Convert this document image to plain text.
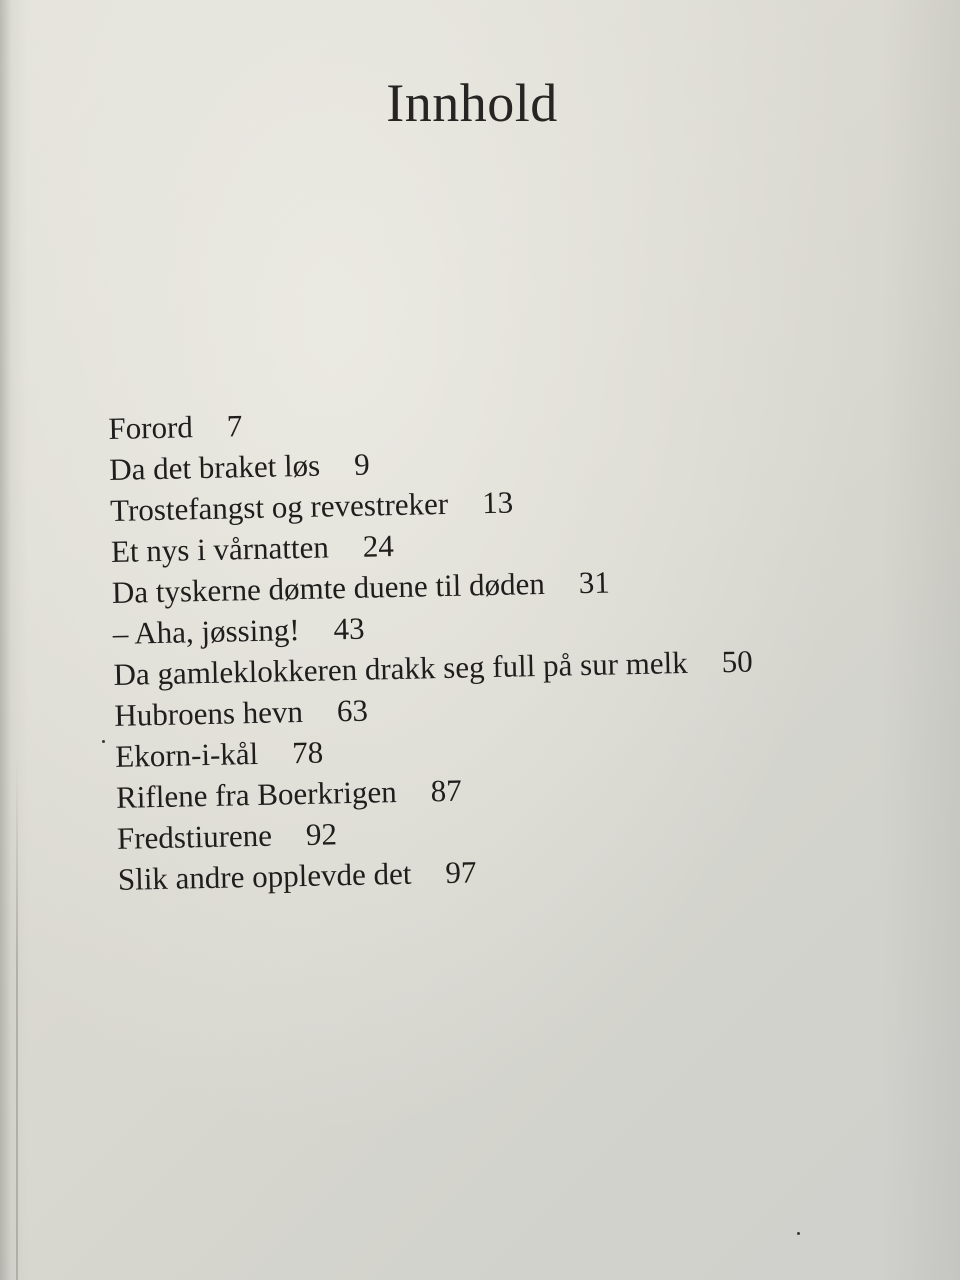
Innhold
Forord 7
Da det braket løs 9
Trostefangst og revestreker 13
Et nys i vårnatten 24
Da tyskerne dømte duene til døden 31
– Aha, jøssing! 43
Da gamleklokkeren drakk seg full på sur melk 50
Hubroens hevn 63
Ekorn-i-kål 78
Riflene fra Boerkrigen 87
Fredstiurene 92
Slik andre opplevde det 97
